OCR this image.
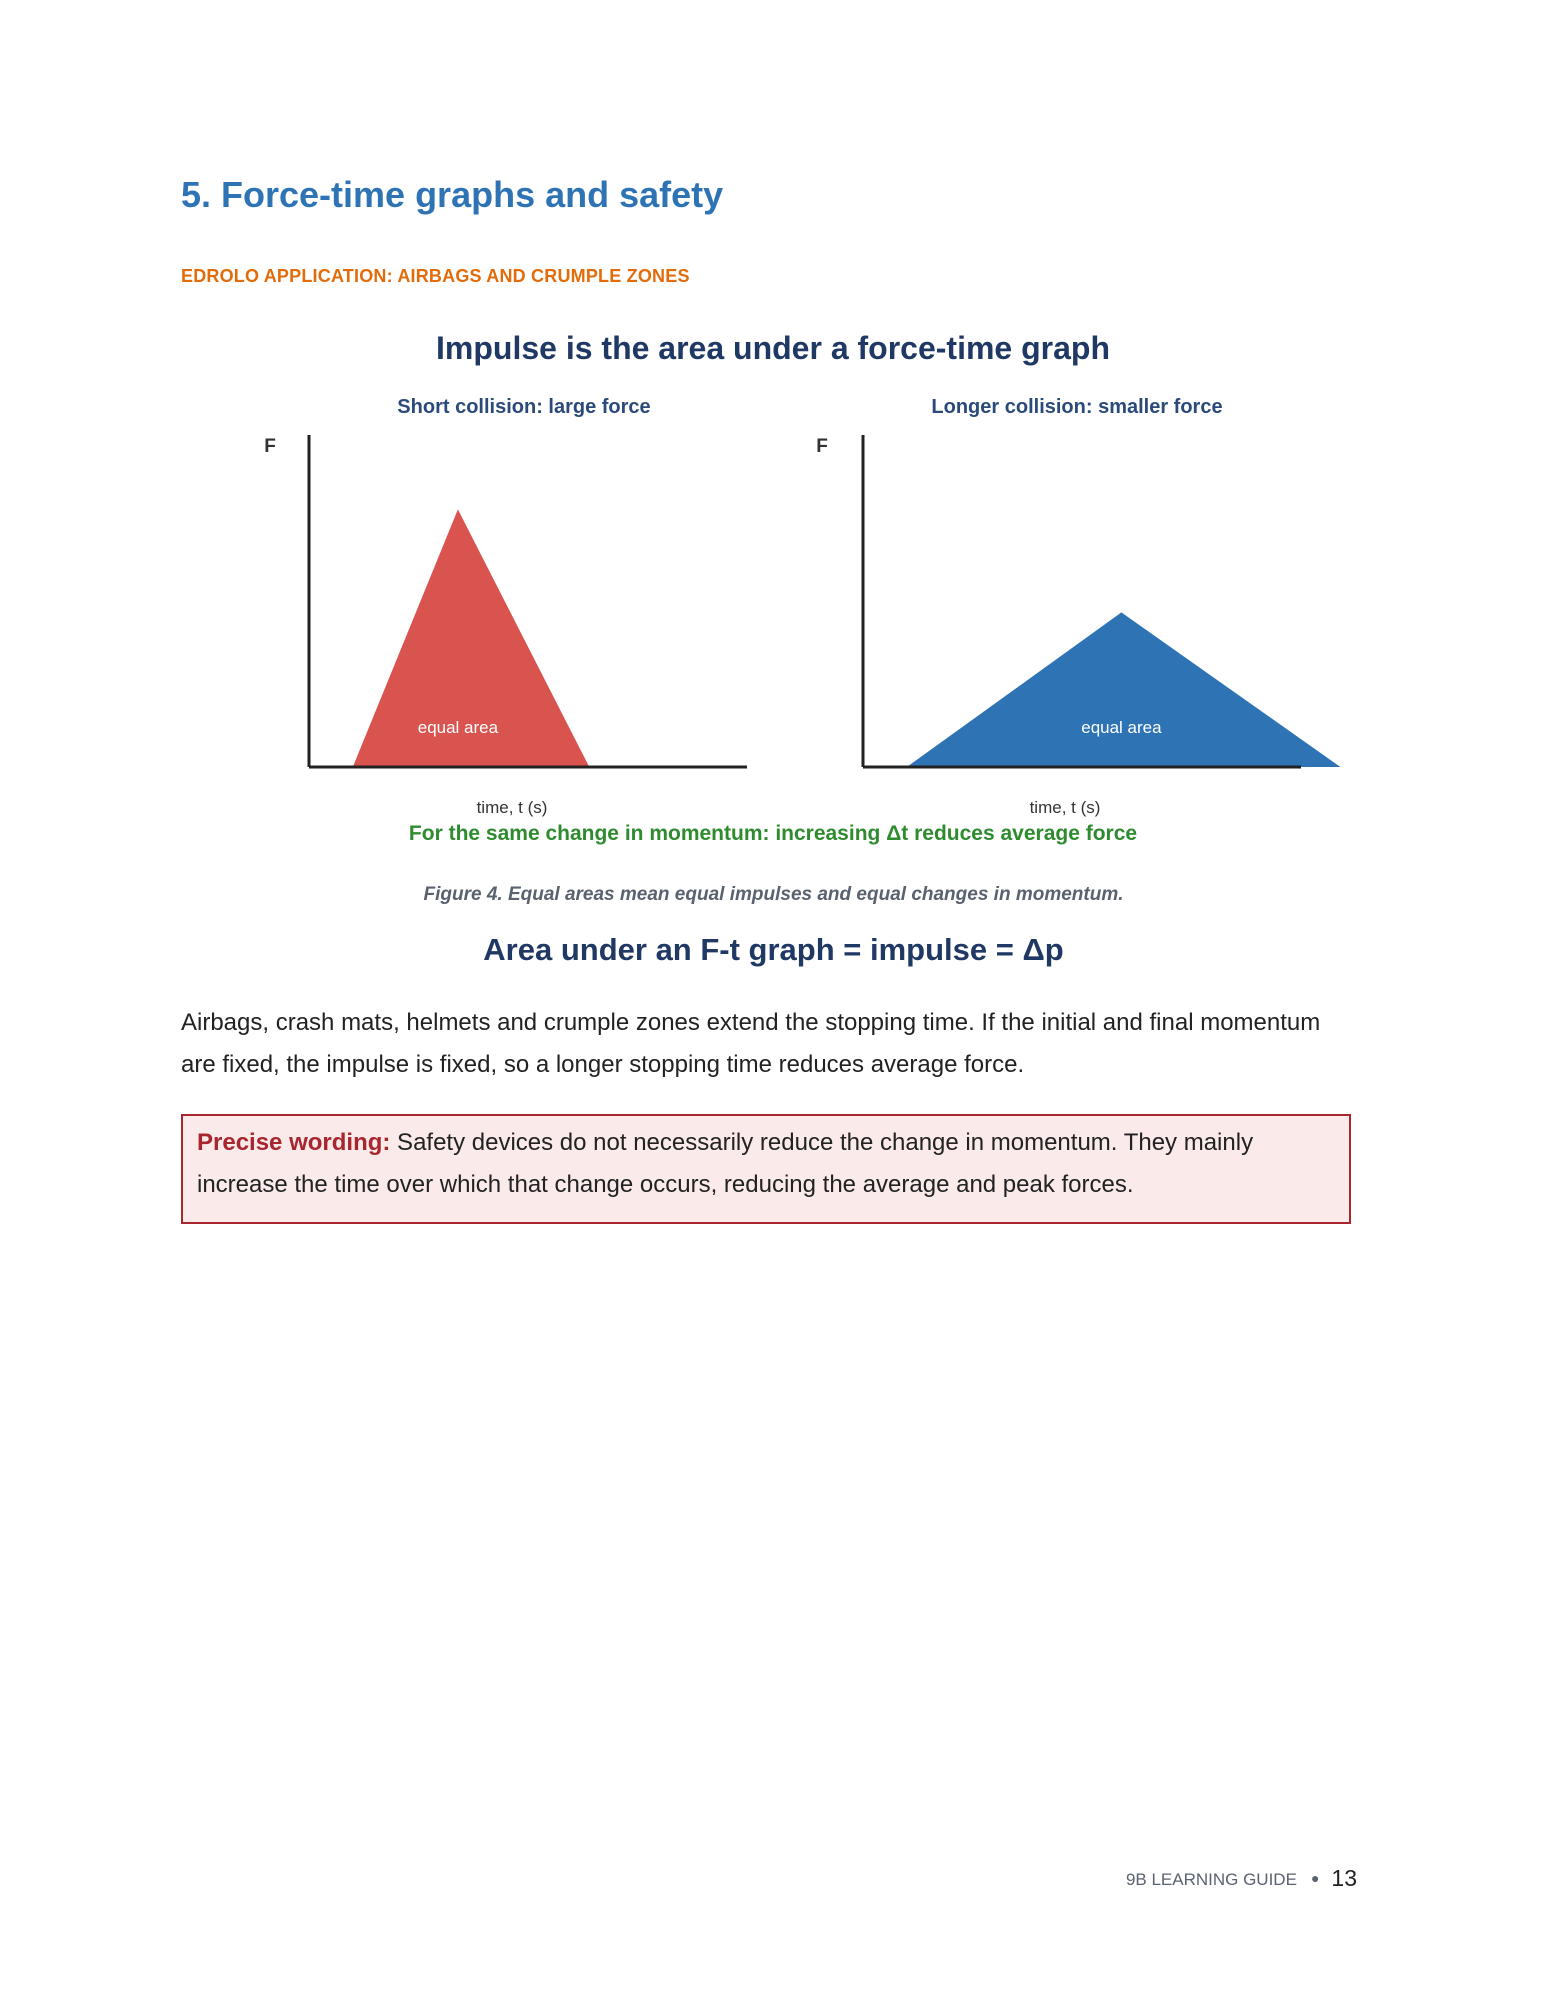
5. Force-time graphs and safety
EDROLO APPLICATION: AIRBAGS AND CRUMPLE ZONES
Impulse is the area under a force-time graph
Short collision: large force
F
time, t (s)
equal area
Longer collision: smaller force
F
time, t (s)
equal area
For the same change in momentum: increasing Δt reduces average force
Figure 4. Equal areas mean equal impulses and equal changes in momentum.
Area under an F-t graph = impulse = Δp
Airbags, crash mats, helmets and crumple zones extend the stopping time. If the initial and final momentum are fixed, the impulse is fixed, so a longer stopping time reduces average force.
Precise wording: Safety devices do not necessarily reduce the change in momentum. They mainly increase the time over which that change occurs, reducing the average and peak forces.
9B LEARNING GUIDE ● 13
